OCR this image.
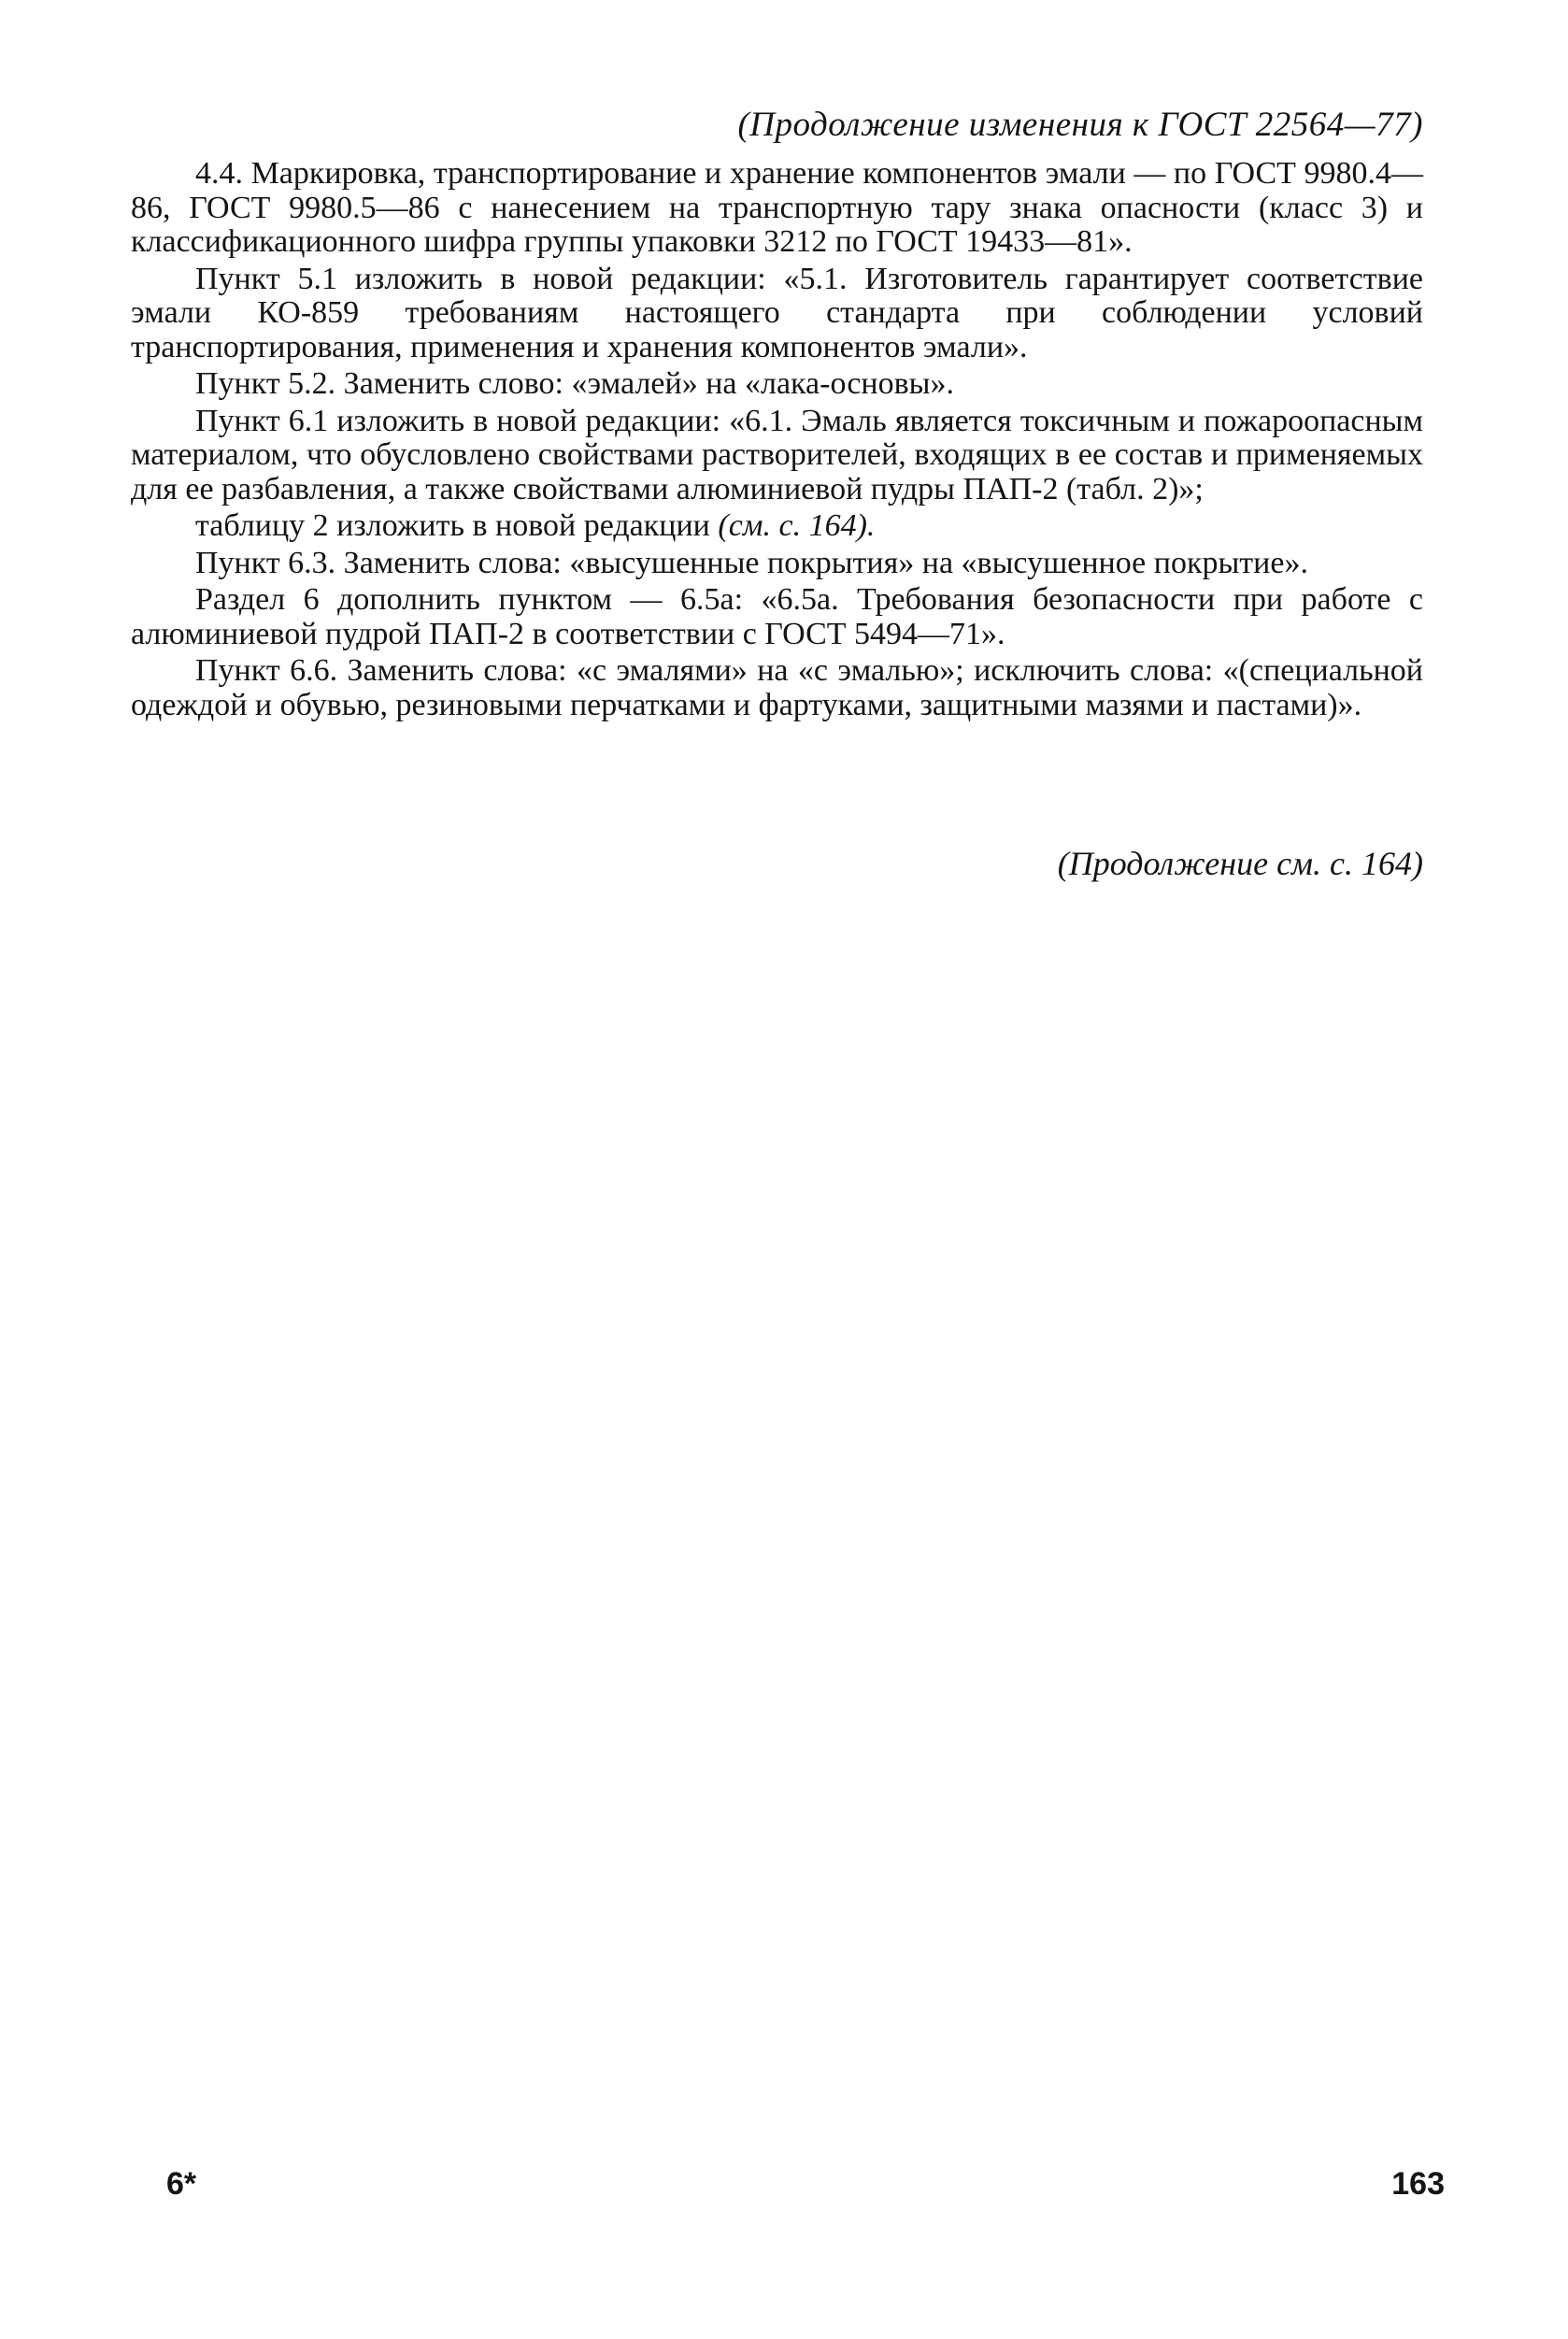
(Продолжение изменения к ГОСТ 22564—77)

4.4. Маркировка, транспортирование и хранение компонентов эмали — по ГОСТ 9980.4—86, ГОСТ 9980.5—86 с нанесением на транспортную тару знака опасности (класс 3) и классификационного шифра группы упаковки 3212 по ГОСТ 19433—81».

Пункт 5.1 изложить в новой редакции: «5.1. Изготовитель гарантирует соответствие эмали КО-859 требованиям настоящего стандарта при соблюдении условий транспортирования, применения и хранения компонентов эмали».

Пункт 5.2. Заменить слово: «эмалей» на «лака-основы».

Пункт 6.1 изложить в новой редакции: «6.1. Эмаль является токсичным и пожароопасным материалом, что обусловлено свойствами растворителей, входящих в ее состав и применяемых для ее разбавления, а также свойствами алюминиевой пудры ПАП-2 (табл. 2)»;

таблицу 2 изложить в новой редакции (см. с. 164).

Пункт 6.3. Заменить слова: «высушенные покрытия» на «высушенное покрытие».

Раздел 6 дополнить пунктом — 6.5а: «6.5а. Требования безопасности при работе с алюминиевой пудрой ПАП-2 в соответствии с ГОСТ 5494—71».

Пункт 6.6. Заменить слова: «с эмалями» на «с эмалью»; исключить слова: «(специальной одеждой и обувью, резиновыми перчатками и фартуками, защитными мазями и пастами)».

(Продолжение см. с. 164)
6*	163
